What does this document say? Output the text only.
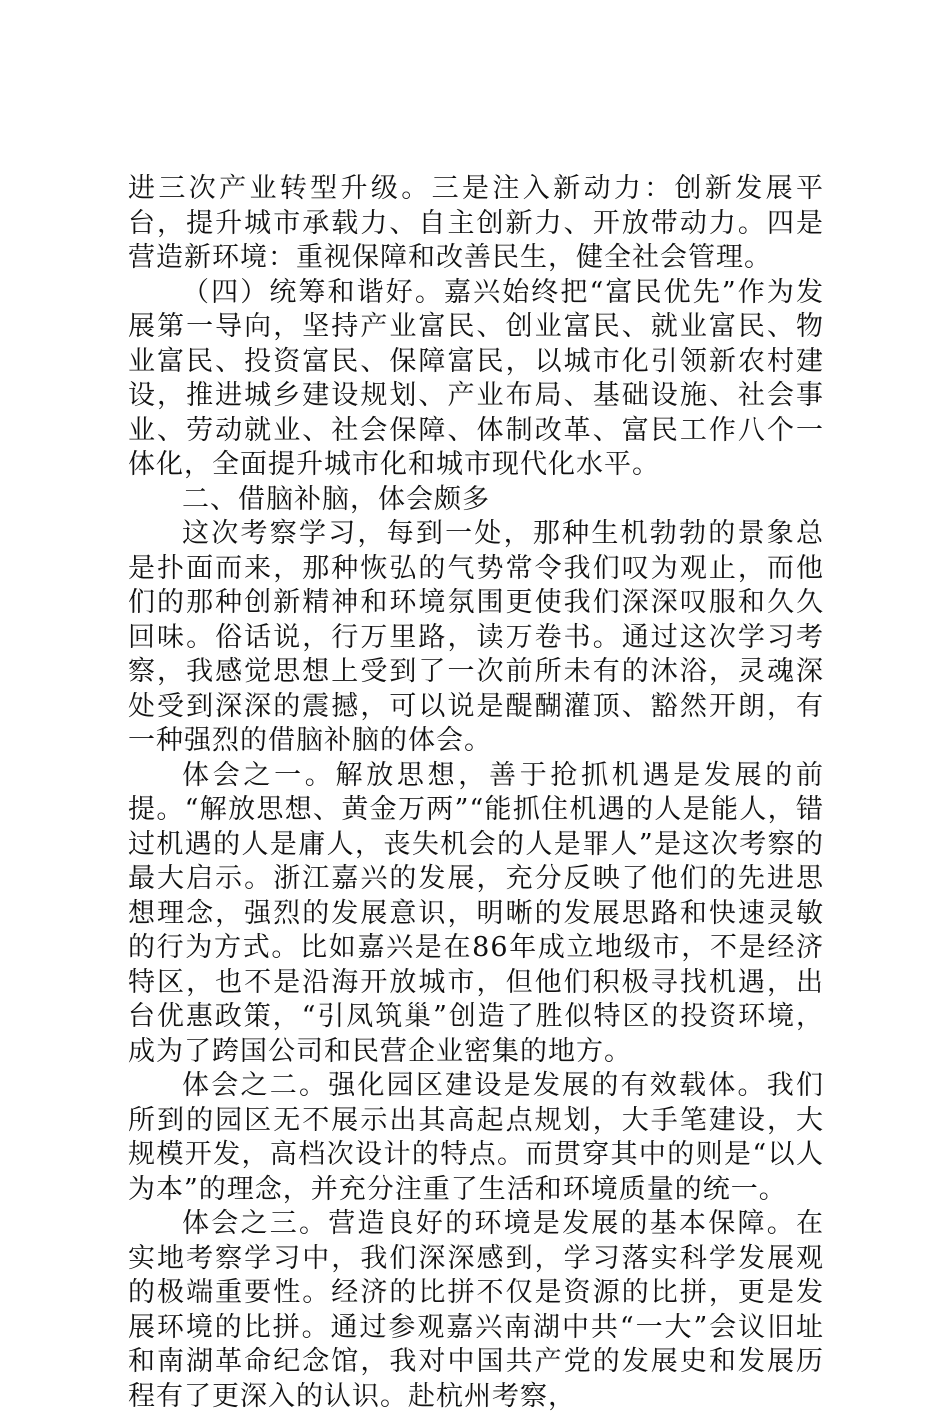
进三次产业转型升级。三是注入新动力：创新发展平台，提升城市承载力、自主创新力、开放带动力。四是营造新环境：重视保障和改善民生，健全社会管理。

（四）统筹和谐好。嘉兴始终把“富民优先”作为发展第一导向，坚持产业富民、创业富民、就业富民、物业富民、投资富民、保障富民，以城市化引领新农村建设，推进城乡建设规划、产业布局、基础设施、社会事业、劳动就业、社会保障、体制改革、富民工作八个一体化，全面提升城市化和城市现代化水平。

二、借脑补脑，体会颇多

这次考察学习，每到一处，那种生机勃勃的景象总是扑面而来，那种恢弘的气势常令我们叹为观止，而他们的那种创新精神和环境氛围更使我们深深叹服和久久回味。俗话说，行万里路，读万卷书。通过这次学习考察，我感觉思想上受到了一次前所未有的沐浴，灵魂深处受到深深的震撼，可以说是醍醐灌顶、豁然开朗，有一种强烈的借脑补脑的体会。

体会之一。解放思想，善于抢抓机遇是发展的前提。“解放思想、黄金万两”“能抓住机遇的人是能人，错过机遇的人是庸人，丧失机会的人是罪人”是这次考察的最大启示。浙江嘉兴的发展，充分反映了他们的先进思想理念，强烈的发展意识，明晰的发展思路和快速灵敏的行为方式。比如嘉兴是在86年成立地级市，不是经济特区，也不是沿海开放城市，但他们积极寻找机遇，出台优惠政策，“引凤筑巢”创造了胜似特区的投资环境，成为了跨国公司和民营企业密集的地方。

体会之二。强化园区建设是发展的有效载体。我们所到的园区无不展示出其高起点规划，大手笔建设，大规模开发，高档次设计的特点。而贯穿其中的则是“以人为本”的理念，并充分注重了生活和环境质量的统一。

体会之三。营造良好的环境是发展的基本保障。在实地考察学习中，我们深深感到，学习落实科学发展观的极端重要性。经济的比拼不仅是资源的比拼，更是发展环境的比拼。通过参观嘉兴南湖中共“一大”会议旧址和南湖革命纪念馆，我对中国共产党的发展史和发展历程有了更深入的认识。赴杭州考察，
